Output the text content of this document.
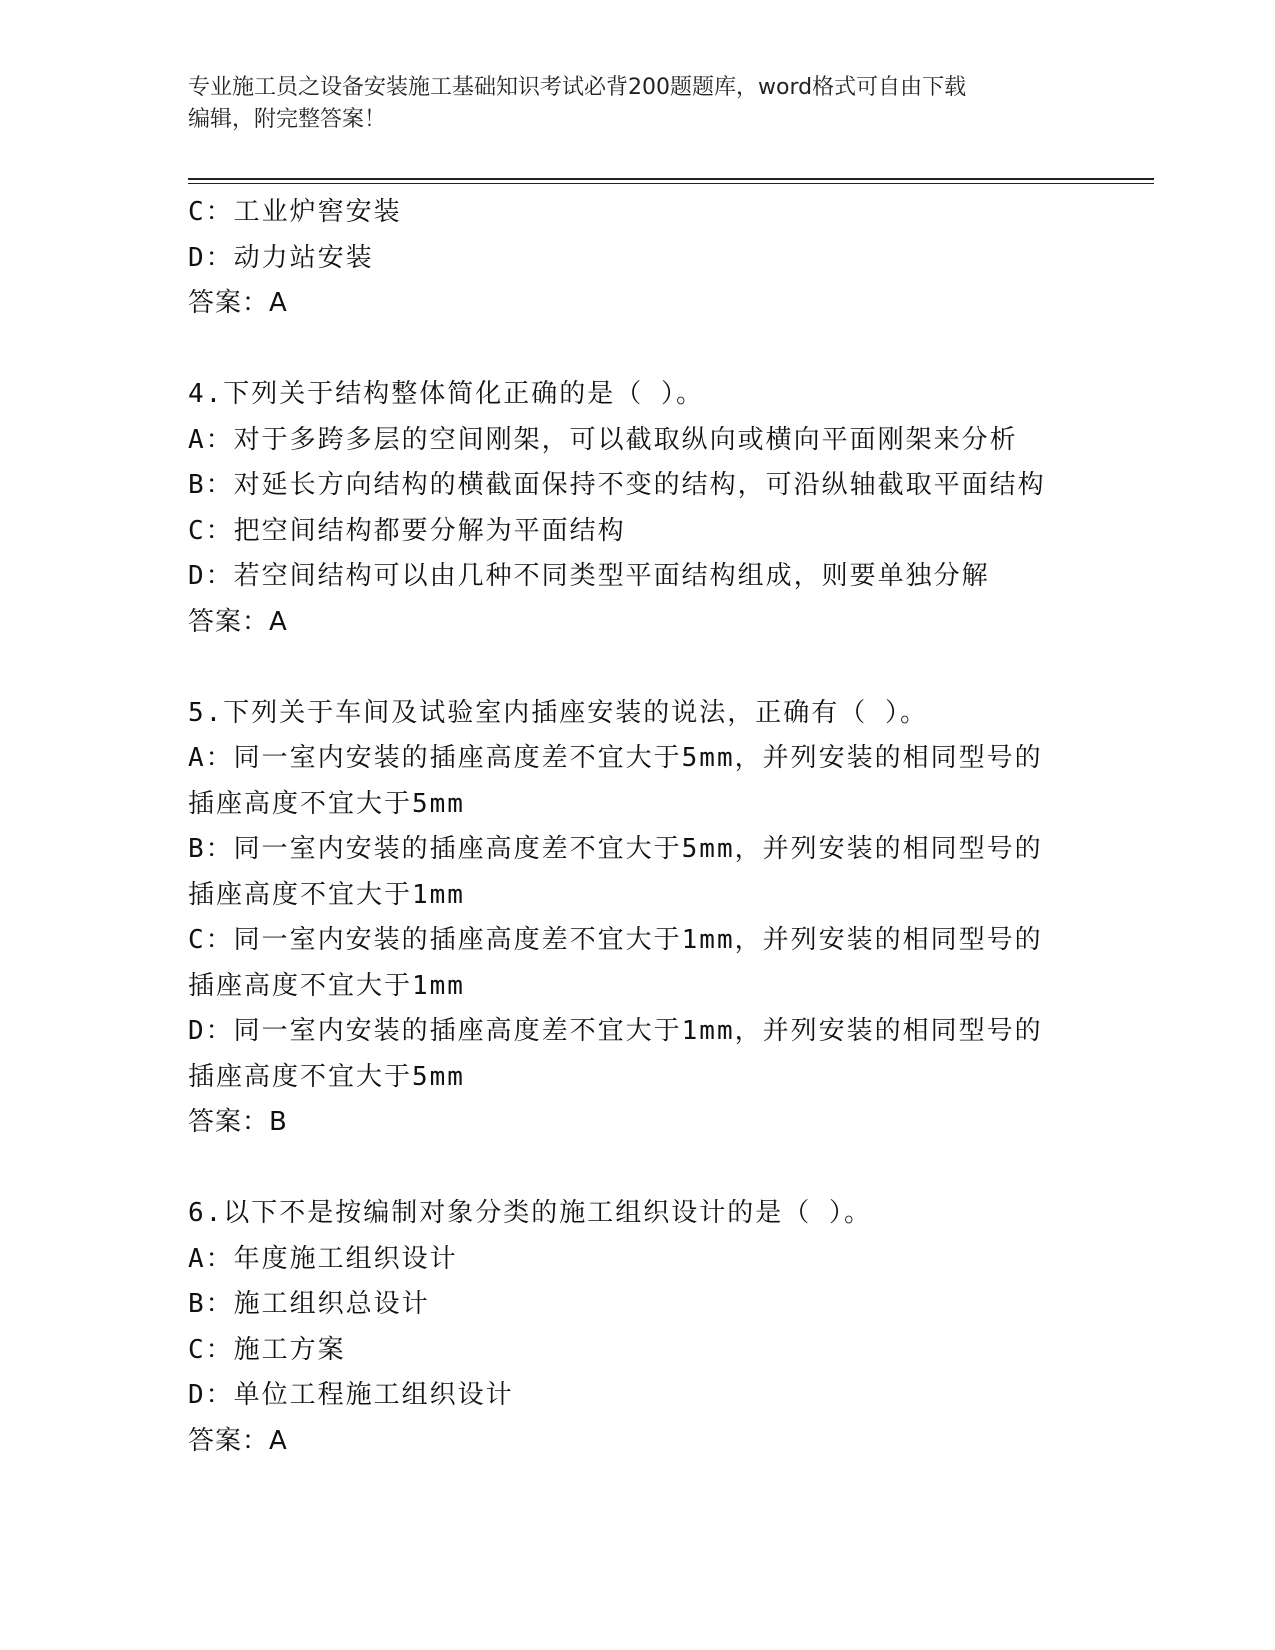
专业施工员之设备安装施工基础知识考试必背200题题库，word格式可自由下载
编辑，附完整答案！
C：工业炉窖安装
D：动力站安装
答案：A
4.下列关于结构整体简化正确的是（ ）。
A：对于多跨多层的空间刚架，可以截取纵向或横向平面刚架来分析
B：对延长方向结构的横截面保持不变的结构，可沿纵轴截取平面结构
C：把空间结构都要分解为平面结构
D：若空间结构可以由几种不同类型平面结构组成，则要单独分解
答案：A
5.下列关于车间及试验室内插座安装的说法，正确有（ ）。
A：同一室内安装的插座高度差不宜大于5mm，并列安装的相同型号的
插座高度不宜大于5mm
B：同一室内安装的插座高度差不宜大于5mm，并列安装的相同型号的
插座高度不宜大于1mm
C：同一室内安装的插座高度差不宜大于1mm，并列安装的相同型号的
插座高度不宜大于1mm
D：同一室内安装的插座高度差不宜大于1mm，并列安装的相同型号的
插座高度不宜大于5mm
答案：B
6.以下不是按编制对象分类的施工组织设计的是（ ）。
A：年度施工组织设计
B：施工组织总设计
C：施工方案
D：单位工程施工组织设计
答案：A
